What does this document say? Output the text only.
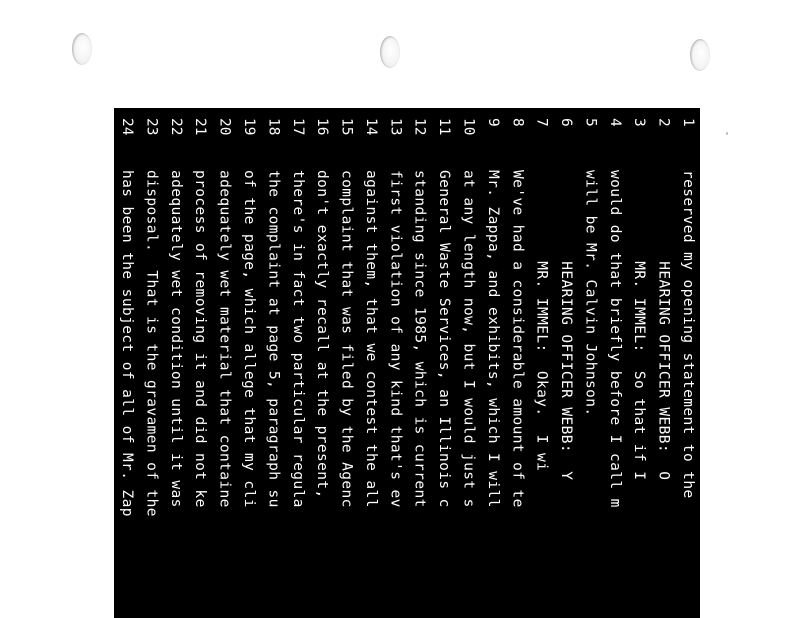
1
reserved my opening statement to the
2
HEARING OFFICER WEBB:  O
3
MR. IMMEL:  So that if I
4
would do that briefly before I call m
5
will be Mr. Calvin Johnson.
6
HEARING OFFICER WEBB:  Y
7
MR. IMMEL:  Okay.  I wi
8
We've had a considerable amount of te
9
Mr. Zappa, and exhibits, which I will
10
at any length now, but I would just s
11
General Waste Services, an Illinois c
12
standing since 1985, which is current
13
first violation of any kind that's ev
14
against them, that we contest the all
15
complaint that was filed by the Agenc
16
don't exactly recall at the present,
17
there's in fact two particular regula
18
the complaint at page 5, paragraph su
19
of the page, which allege that my cli
20
adequately wet material that containe
21
process of removing it and did not ke
22
adequately wet condition until it was
23
disposal.  That is the gravamen of the
24
has been the subject of all of Mr. Zap
